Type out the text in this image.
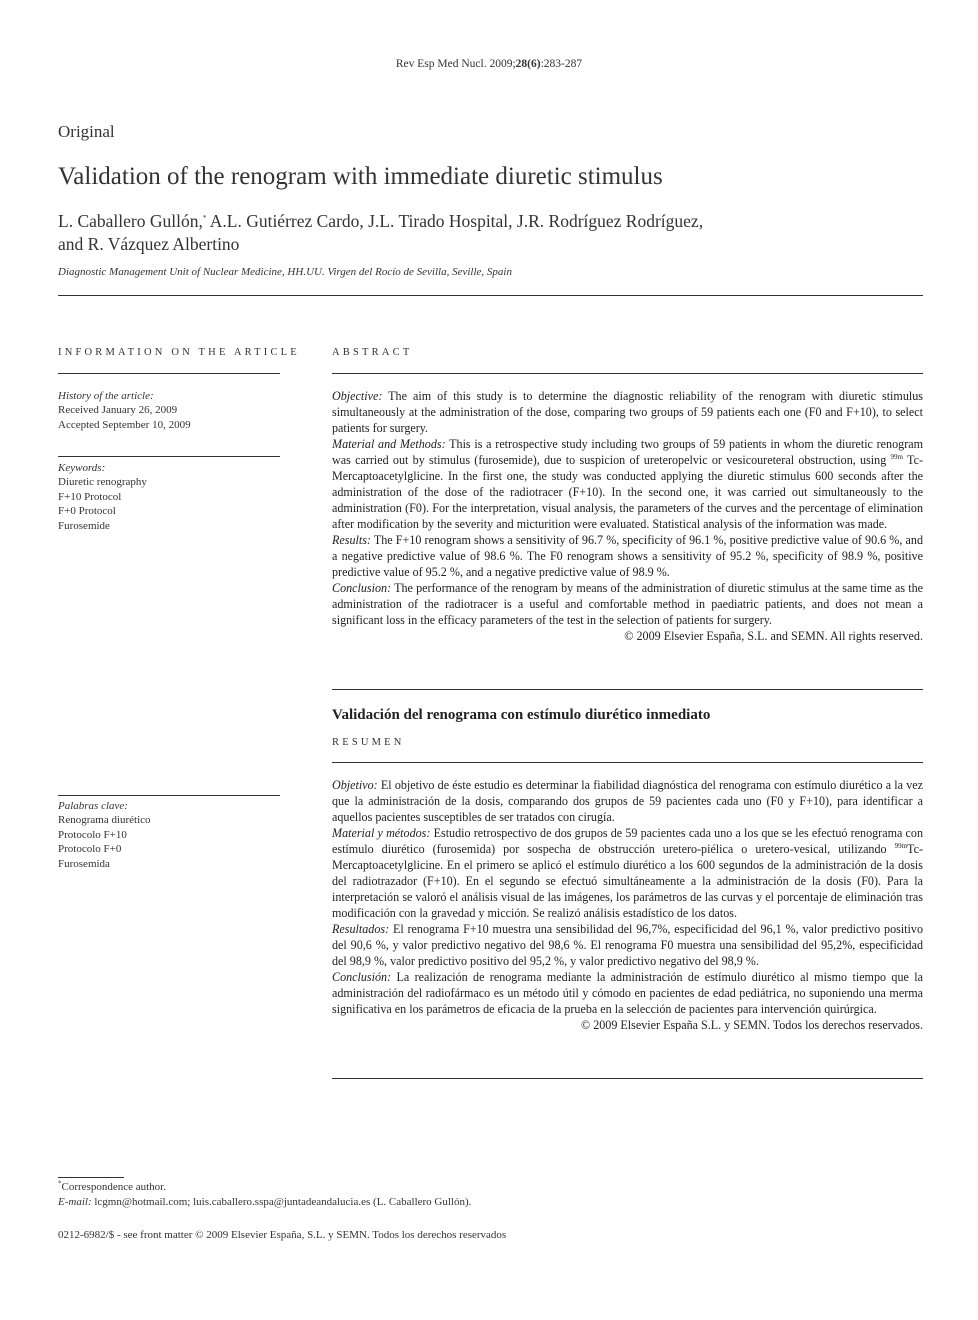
Rev Esp Med Nucl. 2009;28(6):283-287
Original
Validation of the renogram with immediate diuretic stimulus
L. Caballero Gullón,* A.L. Gutiérrez Cardo, J.L. Tirado Hospital, J.R. Rodríguez Rodríguez,
and R. Vázquez Albertino
Diagnostic Management Unit of Nuclear Medicine, HH.UU. Virgen del Rocío de Sevilla, Seville, Spain
INFORMATION ON THE ARTICLE
History of the article:
Received January 26, 2009
Accepted September 10, 2009
Keywords:
Diuretic renography
F+10 Protocol
F+0 Protocol
Furosemide
Palabras clave:
Renograma diurético
Protocolo F+10
Protocolo F+0
Furosemida
ABSTRACT

Objective: The aim of this study is to determine the diagnostic reliability of the renogram with diuretic stimulus simultaneously at the administration of the dose, comparing two groups of 59 patients each one (F0 and F+10), to select patients for surgery.

Material and Methods: This is a retrospective study including two groups of 59 patients in whom the diuretic renogram was carried out by stimulus (furosemide), due to suspicion of ureteropelvic or vesicoureteral obstruction, using $^{99m}$ Tc-Mercaptoacetylglicine. In the first one, the study was conducted applying the diuretic stimulus 600 seconds after the administration of the dose of the radiotracer (F+10). In the second one, it was carried out simultaneously to the administration (F0). For the interpretation, visual analysis, the parameters of the curves and the percentage of elimination after modification by the severity and micturition were evaluated. Statistical analysis of the information was made.

Results: The F+10 renogram shows a sensitivity of 96.7 %, specificity of 96.1 %, positive predictive value of 90.6 %, and a negative predictive value of 98.6 %. The F0 renogram shows a sensitivity of 95.2 %, specificity of 98.9 %, positive predictive value of 95.2 %, and a negative predictive value of 98.9 %.

Conclusion: The performance of the renogram by means of the administration of diuretic stimulus at the same time as the administration of the radiotracer is a useful and comfortable method in paediatric patients, and does not mean a significant loss in the efficacy parameters of the test in the selection of patients for surgery.

© 2009 Elsevier España, S.L. and SEMN. All rights reserved.
Validación del renograma con estímulo diurético inmediato
RESUMEN

Objetivo: El objetivo de éste estudio es determinar la fiabilidad diagnóstica del renograma con estímulo diurético a la vez que la administración de la dosis, comparando dos grupos de 59 pacientes cada uno (F0 y F+10), para identificar a aquellos pacientes susceptibles de ser tratados con cirugía.

Material y métodos: Estudio retrospectivo de dos grupos de 59 pacientes cada uno a los que se les efectuó renograma con estímulo diurético (furosemida) por sospecha de obstrucción uretero-piélica o uretero-vesical, utilizando $^{99m}$Tc-Mercaptoacetylglicine. En el primero se aplicó el estímulo diurético a los 600 segundos de la administración de la dosis del radiotrazador (F+10). En el segundo se efectuó simultáneamente a la administración de la dosis (F0). Para la interpretación se valoró el análisis visual de las imágenes, los parámetros de las curvas y el porcentaje de eliminación tras modificación con la gravedad y micción. Se realizó análisis estadístico de los datos.

Resultados: El renograma F+10 muestra una sensibilidad del 96,7%, especificidad del 96,1 %, valor predictivo positivo del 90,6 %, y valor predictivo negativo del 98,6 %. El renograma F0 muestra una sensibilidad del 95,2%, especificidad del 98,9 %, valor predictivo positivo del 95,2 %, y valor predictivo negativo del 98,9 %.

Conclusión: La realización de renograma mediante la administración de estímulo diurético al mismo tiempo que la administración del radiofármaco es un método útil y cómodo en pacientes de edad pediátrica, no suponiendo una merma significativa en los parámetros de eficacia de la prueba en la selección de pacientes para intervención quirúrgica.

© 2009 Elsevier España S.L. y SEMN. Todos los derechos reservados.
*Correspondence author.
E-mail: lcgmn@hotmail.com; luis.caballero.sspa@juntadeandalucia.es (L. Caballero Gullón).
0212-6982/$ - see front matter © 2009 Elsevier España, S.L. y SEMN. Todos los derechos reservados
